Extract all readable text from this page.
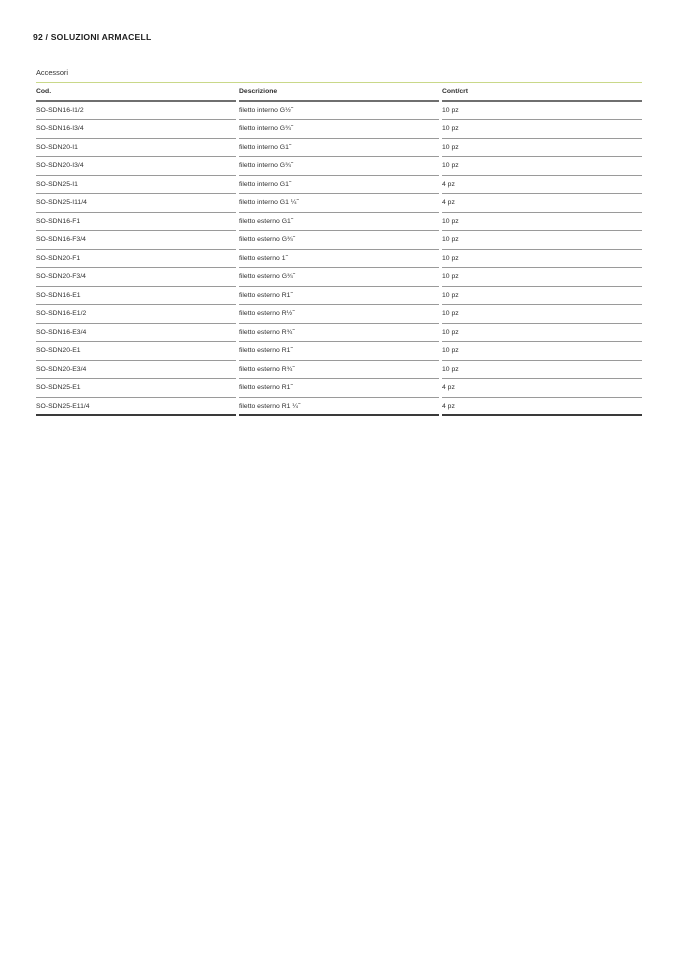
92 / SOLUZIONI ARMACELL
Accessori
Cod.	Descrizione	Cont/crt
SO-SDN16-I1/2	filetto interno G½˝	10 pz
SO-SDN16-I3/4	filetto interno G¾˝	10 pz
SO-SDN20-I1	filetto interno G1˝	10 pz
SO-SDN20-I3/4	filetto interno G¾˝	10 pz
SO-SDN25-I1	filetto interno G1˝	4 pz
SO-SDN25-I11/4	filetto interno G1 ¼˝	4 pz
SO-SDN16-F1	filetto esterno G1˝	10 pz
SO-SDN16-F3/4	filetto esterno G¾˝	10 pz
SO-SDN20-F1	filetto esterno 1˝	10 pz
SO-SDN20-F3/4	filetto esterno G¾˝	10 pz
SO-SDN16-E1	filetto esterno R1˝	10 pz
SO-SDN16-E1/2	filetto esterno R½˝	10 pz
SO-SDN16-E3/4	filetto esterno R¾˝	10 pz
SO-SDN20-E1	filetto esterno R1˝	10 pz
SO-SDN20-E3/4	filetto esterno R¾˝	10 pz
SO-SDN25-E1	filetto esterno R1˝	4 pz
SO-SDN25-E11/4	filetto esterno R1 ¼˝	4 pz
